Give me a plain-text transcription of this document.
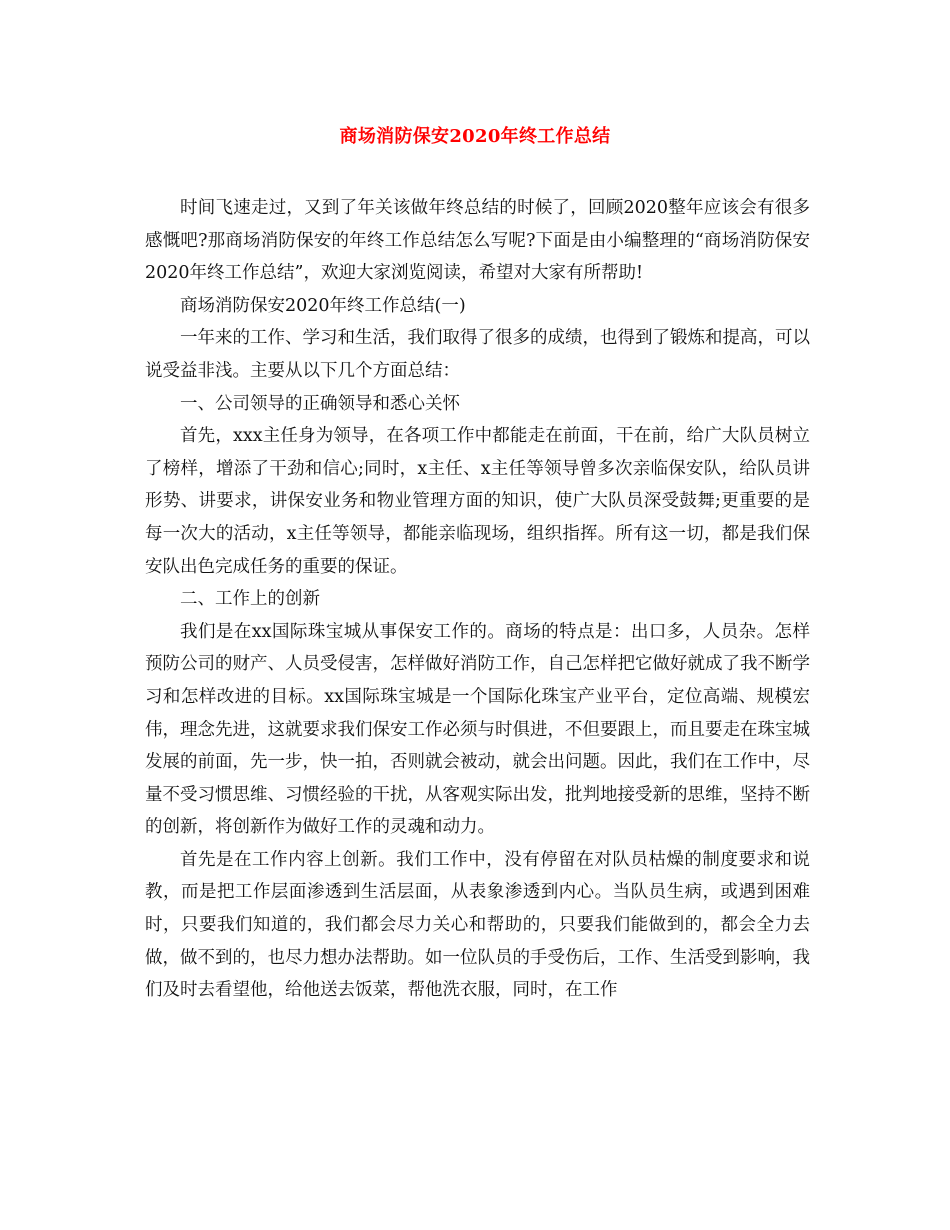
商场消防保安2020年终工作总结

时间飞速走过，又到了年关该做年终总结的时候了，回顾2020整年应该会有很多感慨吧?那商场消防保安的年终工作总结怎么写呢?下面是由小编整理的“商场消防保安2020年终工作总结”，欢迎大家浏览阅读，希望对大家有所帮助!

商场消防保安2020年终工作总结(一)

一年来的工作、学习和生活，我们取得了很多的成绩，也得到了锻炼和提高，可以说受益非浅。主要从以下几个方面总结：

一、公司领导的正确领导和悉心关怀

首先，xxx主任身为领导，在各项工作中都能走在前面，干在前，给广大队员树立了榜样，增添了干劲和信心;同时，x主任、x主任等领导曾多次亲临保安队，给队员讲形势、讲要求，讲保安业务和物业管理方面的知识，使广大队员深受鼓舞;更重要的是每一次大的活动，x主任等领导，都能亲临现场，组织指挥。所有这一切，都是我们保安队出色完成任务的重要的保证。

二、工作上的创新

我们是在xx国际珠宝城从事保安工作的。商场的特点是：出口多，人员杂。怎样预防公司的财产、人员受侵害，怎样做好消防工作，自己怎样把它做好就成了我不断学习和怎样改进的目标。xx国际珠宝城是一个国际化珠宝产业平台，定位高端、规模宏伟，理念先进，这就要求我们保安工作必须与时俱进，不但要跟上，而且要走在珠宝城发展的前面，先一步，快一拍，否则就会被动，就会出问题。因此，我们在工作中，尽量不受习惯思维、习惯经验的干扰，从客观实际出发，批判地接受新的思维，坚持不断的创新，将创新作为做好工作的灵魂和动力。

首先是在工作内容上创新。我们工作中，没有停留在对队员枯燥的制度要求和说教，而是把工作层面渗透到生活层面，从表象渗透到内心。当队员生病，或遇到困难时，只要我们知道的，我们都会尽力关心和帮助的，只要我们能做到的，都会全力去做，做不到的，也尽力想办法帮助。如一位队员的手受伤后，工作、生活受到影响，我们及时去看望他，给他送去饭菜，帮他洗衣服，同时，在工作
